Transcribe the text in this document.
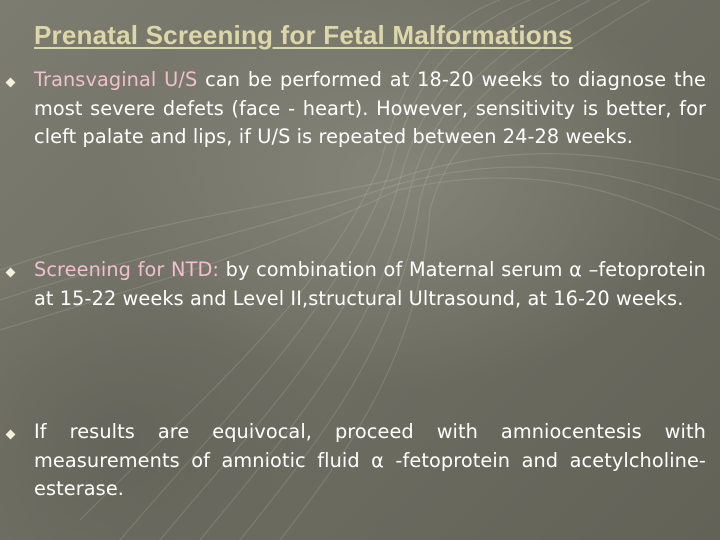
Prenatal Screening for Fetal Malformations
Transvaginal U/S can be performed at 18-20 weeks to diagnose the most severe defets (face - heart). However, sensitivity is better, for cleft palate and lips, if U/S is repeated between 24-28 weeks.
Screening for NTD: by combination of Maternal serum α –fetoprotein at 15-22 weeks and Level II,structural Ultrasound, at 16-20 weeks.
If results are equivocal, proceed with amniocentesis with measurements of amniotic fluid α -fetoprotein and acetylcholine-esterase.
